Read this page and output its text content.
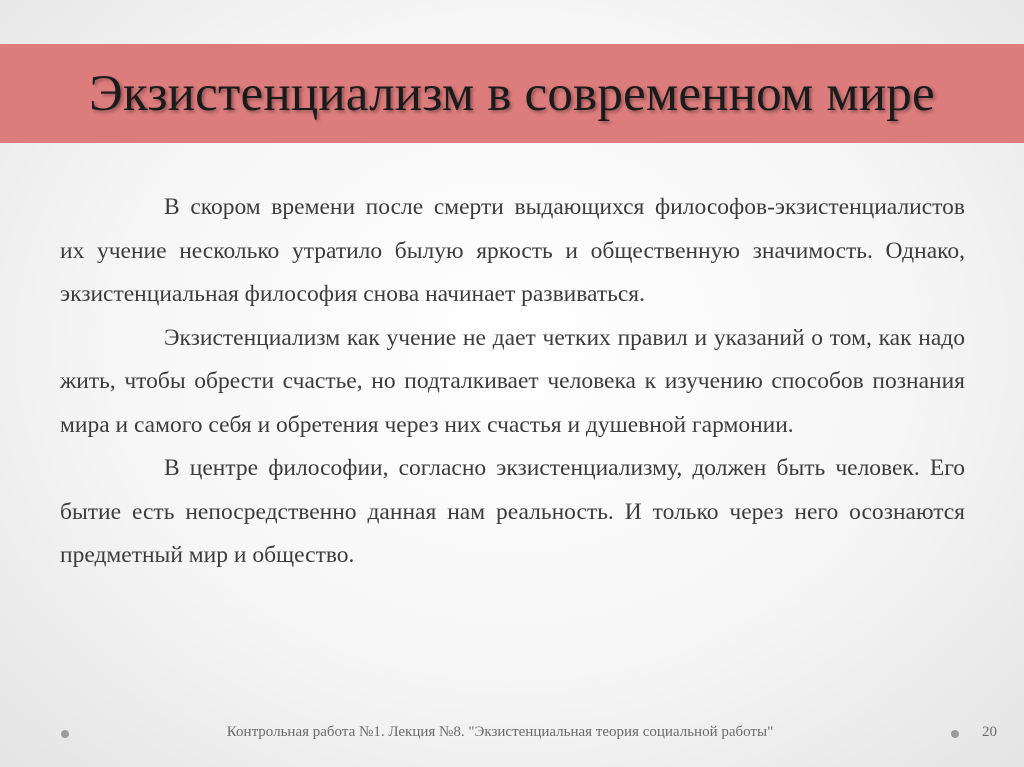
Экзистенциализм в современном мире

В скором времени после смерти выдающихся философов-экзистенциалистов их учение несколько утратило былую яркость и общественную значимость. Однако, экзистенциальная философия снова начинает развиваться.

Экзистенциализм как учение не дает четких правил и указаний о том, как надо жить, чтобы обрести счастье, но подталкивает человека к изучению способов познания мира и самого себя и обретения через них счастья и душевной гармонии.

В центре философии, согласно экзистенциализму, должен быть человек. Его бытие есть непосредственно данная нам реальность. И только через него осознаются предметный мир и общество.

Контрольная работа №1. Лекция №8. "Экзистенциальная теория социальной работы"	20
